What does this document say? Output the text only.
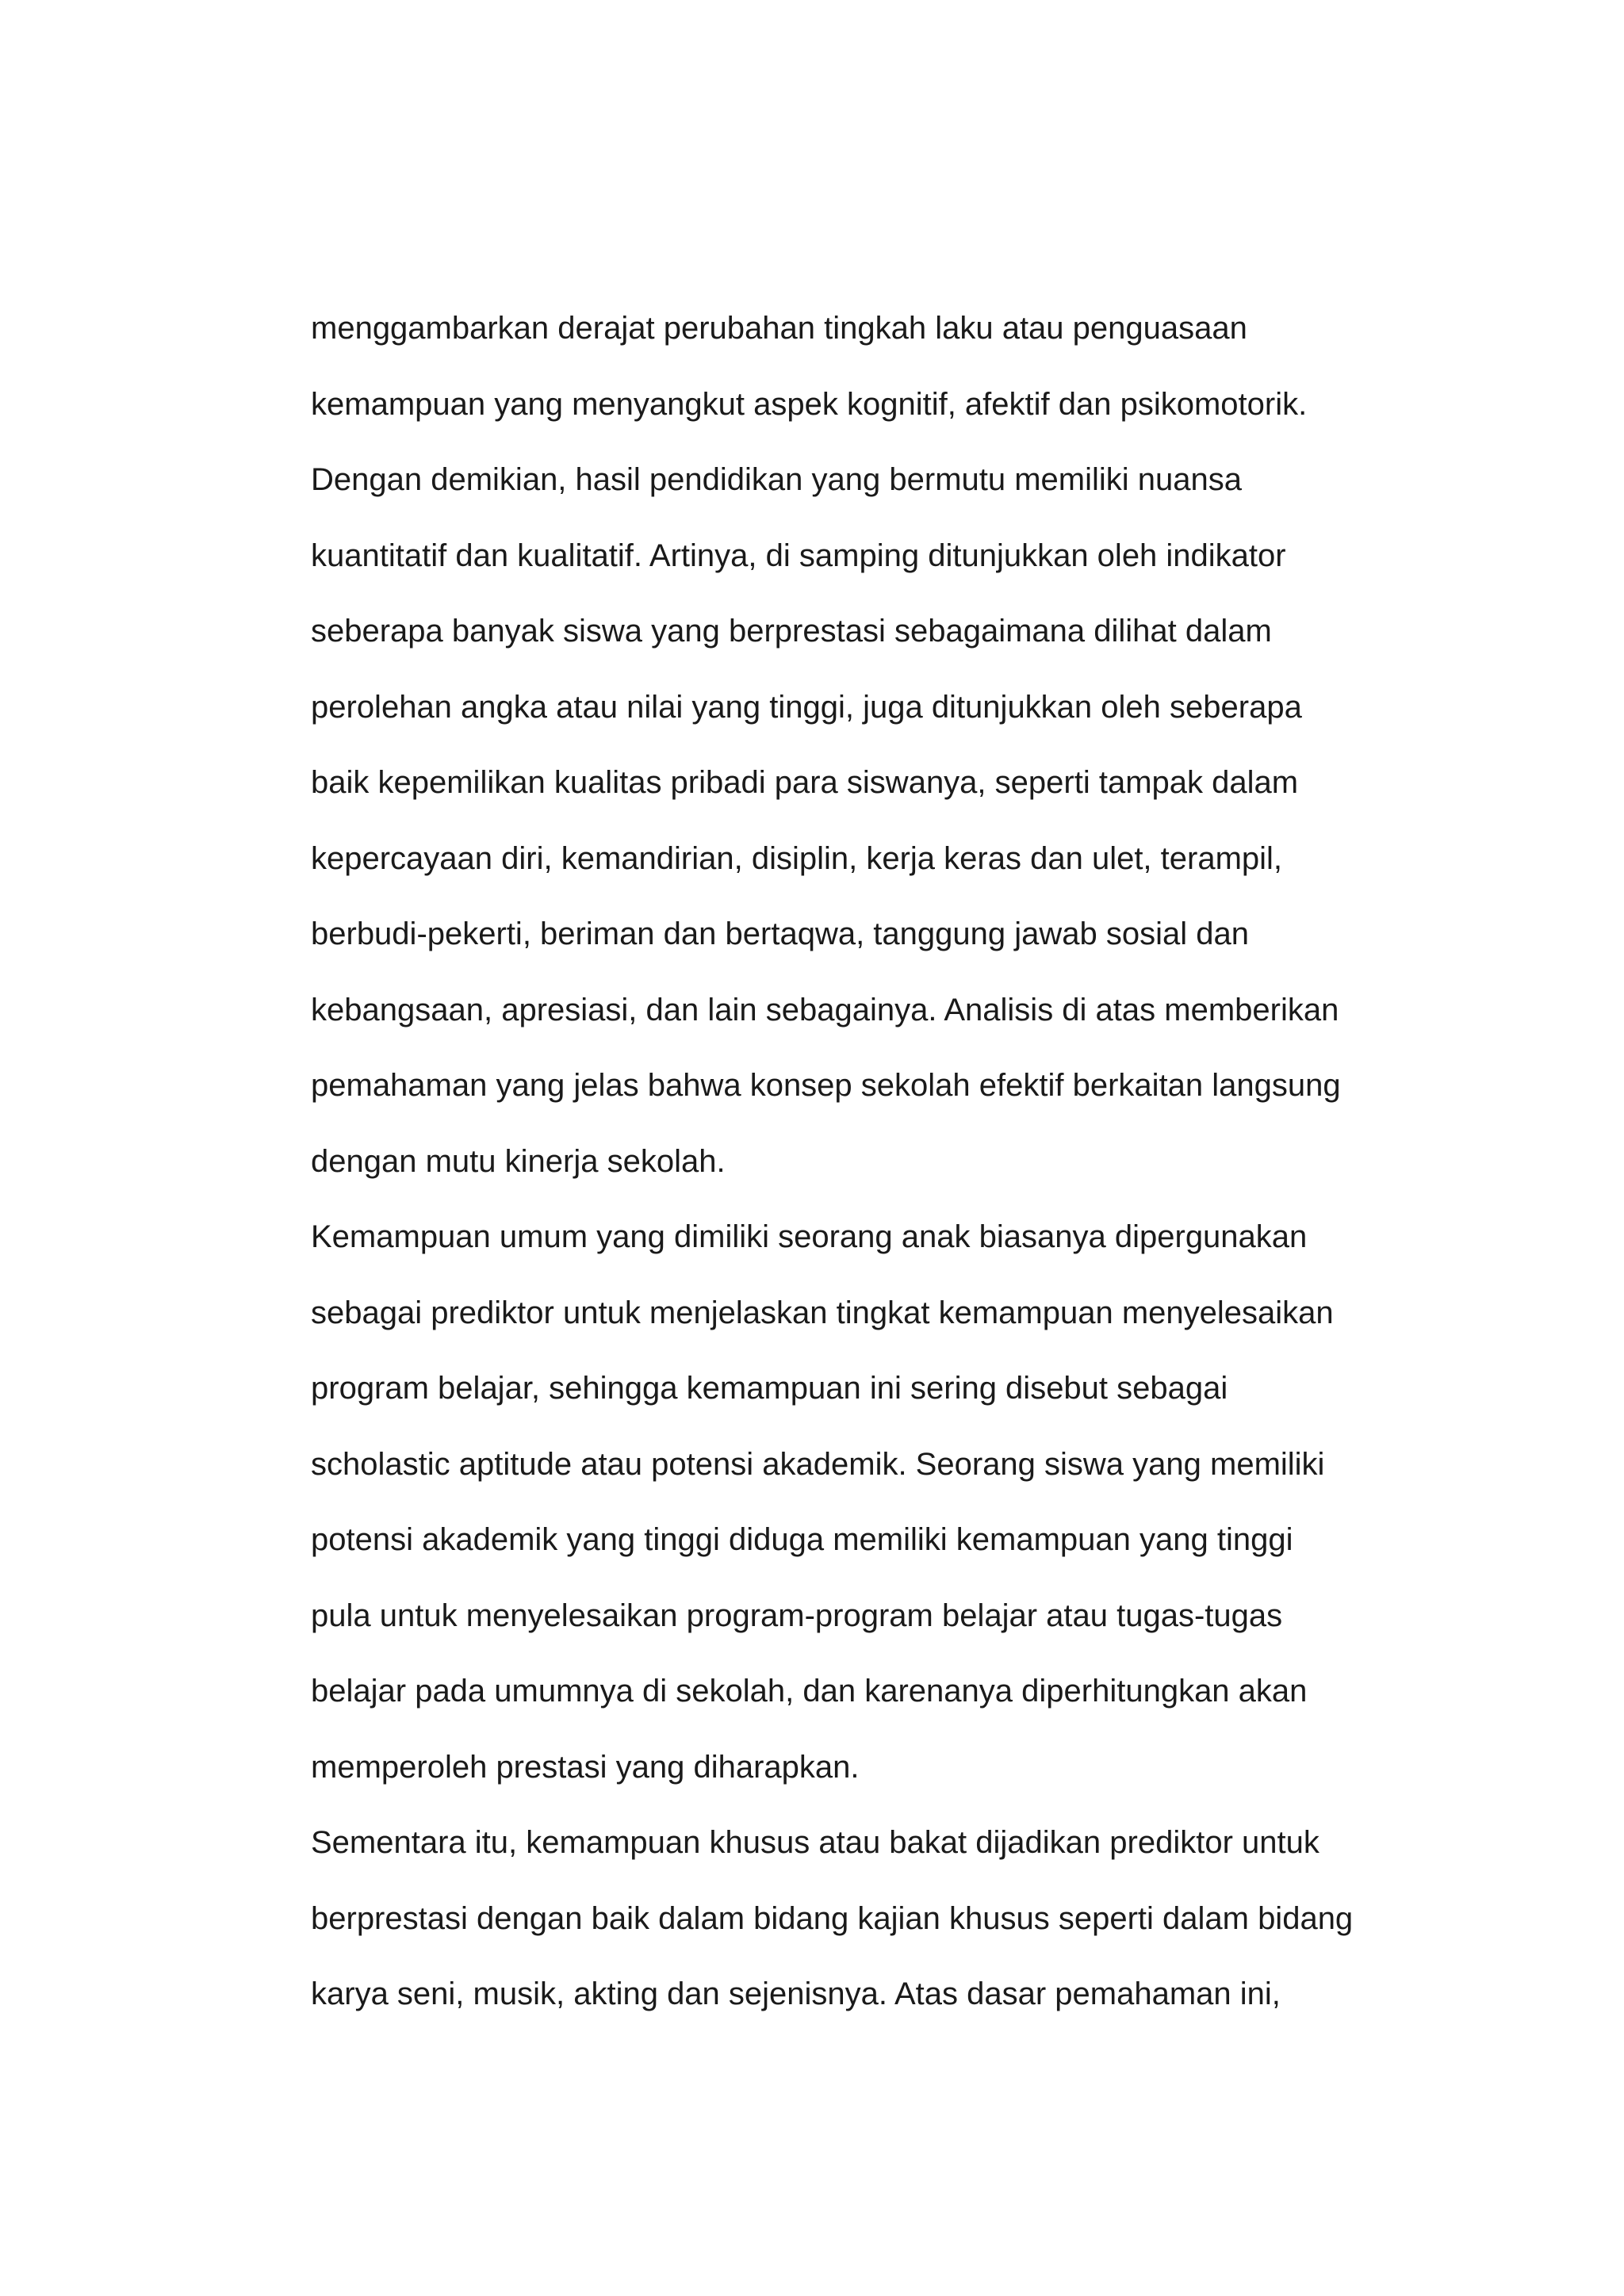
menggambarkan derajat perubahan tingkah laku atau penguasaan
kemampuan yang menyangkut aspek kognitif, afektif dan psikomotorik.
Dengan demikian, hasil pendidikan yang bermutu memiliki nuansa
kuantitatif dan kualitatif. Artinya, di samping ditunjukkan oleh indikator
seberapa banyak siswa yang berprestasi sebagaimana dilihat dalam
perolehan angka atau nilai yang tinggi, juga ditunjukkan oleh seberapa
baik kepemilikan kualitas pribadi para siswanya, seperti tampak dalam
kepercayaan diri, kemandirian, disiplin, kerja keras dan ulet, terampil,
berbudi-pekerti, beriman dan bertaqwa, tanggung jawab sosial dan
kebangsaan, apresiasi, dan lain sebagainya. Analisis di atas memberikan
pemahaman yang jelas bahwa konsep sekolah efektif berkaitan langsung
dengan mutu kinerja sekolah.
Kemampuan umum yang dimiliki seorang anak biasanya dipergunakan
sebagai prediktor untuk menjelaskan tingkat kemampuan menyelesaikan
program belajar, sehingga kemampuan ini sering disebut sebagai
scholastic aptitude atau potensi akademik. Seorang siswa yang memiliki
potensi akademik yang tinggi diduga memiliki kemampuan yang tinggi
pula untuk menyelesaikan program-program belajar atau tugas-tugas
belajar pada umumnya di sekolah, dan karenanya diperhitungkan akan
memperoleh prestasi yang diharapkan.
Sementara itu, kemampuan khusus atau bakat dijadikan prediktor untuk
berprestasi dengan baik dalam bidang kajian khusus seperti dalam bidang
karya seni, musik, akting dan sejenisnya. Atas dasar pemahaman ini,
